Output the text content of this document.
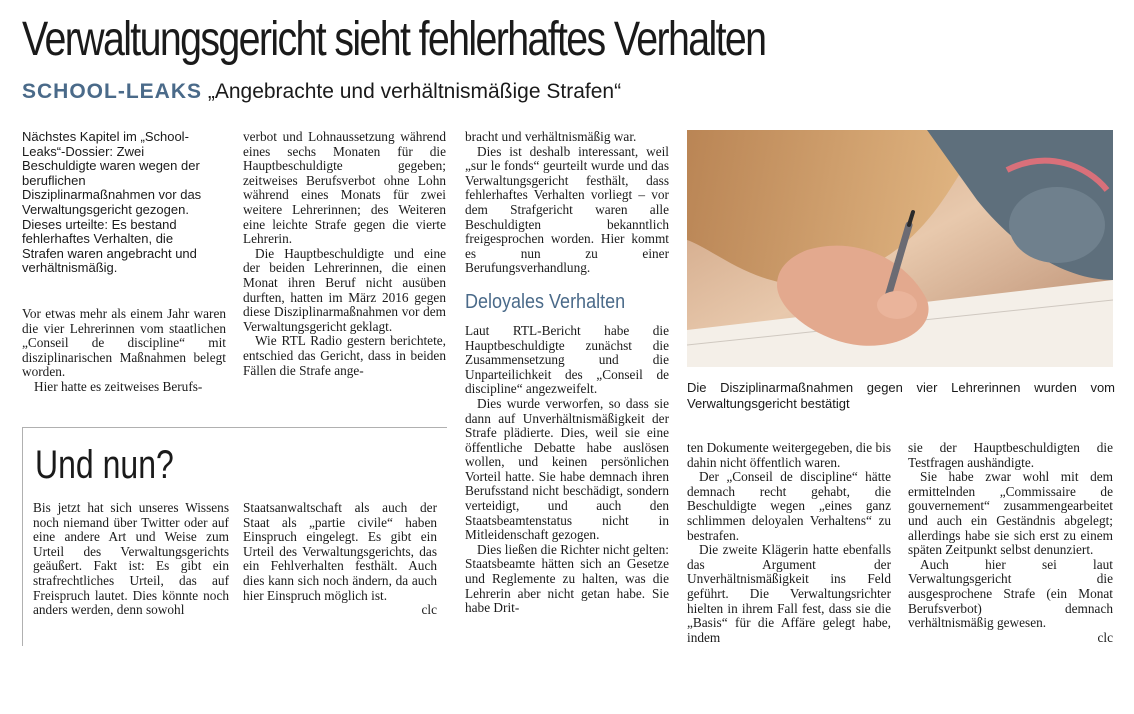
Verwaltungsgericht sieht fehlerhaftes Verhalten
SCHOOL-LEAKS „Angebrachte und verhältnismäßige Strafen“

Nächstes Kapitel im „School-Leaks“-Dossier: Zwei Beschuldigte waren wegen der beruflichen Disziplinarmaßnahmen vor das Verwaltungsgericht gezogen. Dieses urteilte: Es bestand fehlerhaftes Verhalten, die Strafen waren angebracht und verhältnismäßig.

Vor etwas mehr als einem Jahr waren die vier Lehrerinnen vom staatlichen „Conseil de disciplinе“ mit disziplinarischen Maßnahmen belegt worden.

Hier hatte es zeitweises Berufs-

verbot und Lohnaussetzung während eines sechs Monaten für die Hauptbeschuldigte gegeben; zeitweises Berufsverbot ohne Lohn während eines Monats für zwei weitere Lehrerinnen; des Weiteren eine leichte Strafe gegen die vierte Lehrerin.

Die Hauptbeschuldigte und eine der beiden Lehrerinnen, die einen Monat ihren Beruf nicht ausüben durften, hatten im März 2016 gegen diese Disziplinarmaßnahmen vor dem Verwaltungsgericht geklagt.

Wie RTL Radio gestern berichtete, entschied das Gericht, dass in beiden Fällen die Strafe ange-

bracht und verhältnismäßig war.

Dies ist deshalb interessant, weil „sur le fonds“ geurteilt wurde und das Verwaltungsgericht festhält, dass fehlerhaftes Verhalten vorliegt – vor dem Strafgericht waren alle Beschuldigten bekanntlich freigesprochen worden. Hier kommt es nun zu einer Berufungsverhandlung.

Deloyales Verhalten

Laut RTL-Bericht habe die Hauptbeschuldigte zunächst die Zusammensetzung und die Unparteilichkeit des „Conseil de discipline“ angezweifelt.

Dies wurde verworfen, so dass sie dann auf Unverhältnismäßigkeit der Strafe plädierte. Dies, weil sie eine öffentliche Debatte habe auslösen wollen, und keinen persönlichen Vorteil hatte. Sie habe demnach ihren Berufsstand nicht beschädigt, sondern verteidigt, und auch den Staatsbeamtenstatus nicht in Mitleidenschaft gezogen.

Dies ließen die Richter nicht gelten: Staatsbeamte hätten sich an Gesetze und Reglemente zu halten, was die Lehrerin aber nicht getan habe. Sie habe Drit-

Die Disziplinarmaßnahmen gegen vier Lehrerinnen wurden vom Verwaltungsgericht bestätigt

ten Dokumente weitergegeben, die bis dahin nicht öffentlich waren.

Der „Conseil de discipline“ hätte demnach recht gehabt, die Beschuldigte wegen „eines ganz schlimmen deloyalen Verhaltens“ zu bestrafen.

Die zweite Klägerin hatte ebenfalls das Argument der Unverhältnismäßigkeit ins Feld geführt. Die Verwaltungsrichter hielten in ihrem Fall fest, dass sie die „Basis“ für die Affäre gelegt habe, indem

sie der Hauptbeschuldigten die Testfragen aushändigte.

Sie habe zwar wohl mit dem ermittelnden „Commissaire de gouvernement“ zusammengearbeitet und auch ein Geständnis abgelegt; allerdings habe sie sich erst zu einem späten Zeitpunkt selbst denunziert.

Auch hier sei laut Verwaltungsgericht die ausgesprochene Strafe (ein Monat Berufsverbot) demnach verhältnismäßig gewesen.

clc
Und nun?

Bis jetzt hat sich unseres Wissens noch niemand über Twitter oder auf eine andere Art und Weise zum Urteil des Verwaltungsgerichts geäußert. Fakt ist: Es gibt ein strafrechtliches Urteil, das auf Freispruch lautet. Dies könnte noch anders werden, denn sowohl

Staatsanwaltschaft als auch der Staat als „partie civile“ haben Einspruch eingelegt. Es gibt ein Urteil des Verwaltungsgerichts, das ein Fehlverhalten festhält. Auch dies kann sich noch ändern, da auch hier Einspruch möglich ist.

clc
